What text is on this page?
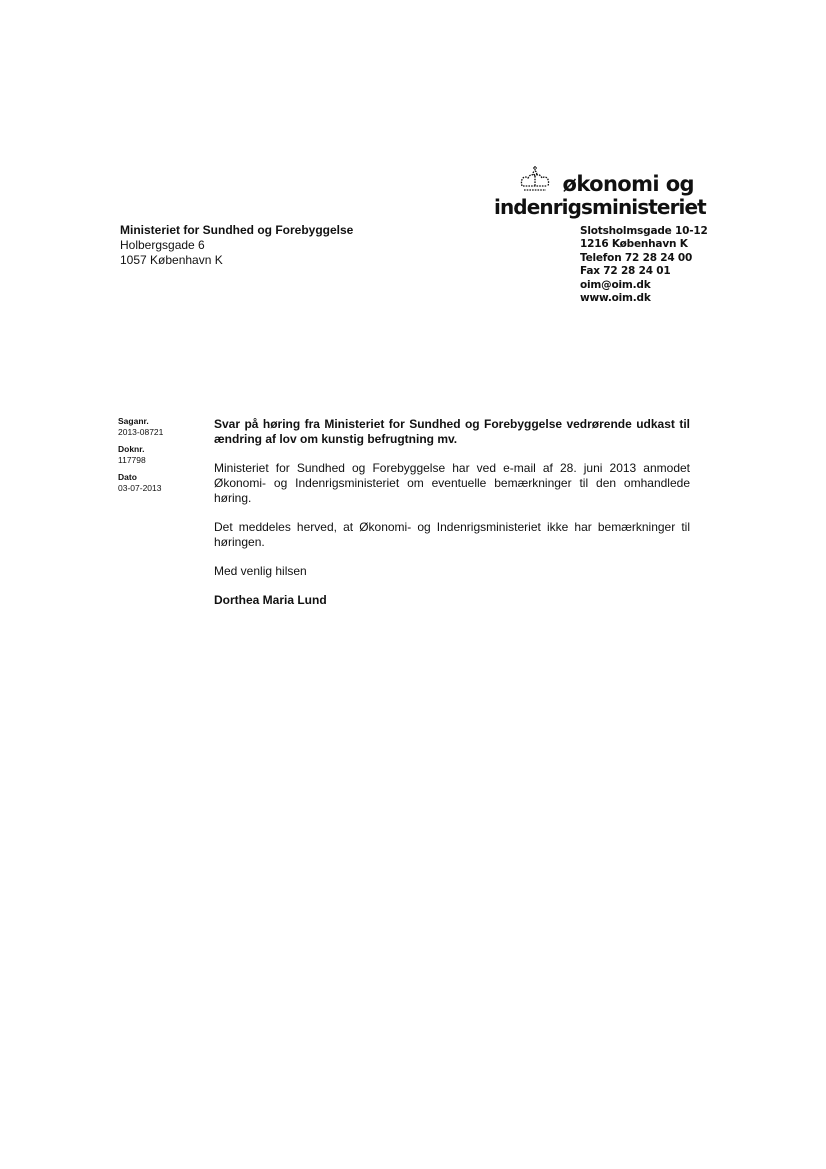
økonomi og
indenrigsministeriet
Slotsholmsgade 10-12
1216 København K
Telefon 72 28 24 00
Fax 72 28 24 01
oim@oim.dk
www.oim.dk
Ministeriet for Sundhed og Forebyggelse
Holbergsgade 6
1057 København K
Saganr.
2013-08721
Doknr.
117798
Dato
03-07-2013

Svar på høring fra Ministeriet for Sundhed og Forebyggelse vedrørende udkast til ændring af lov om kunstig befrugtning mv.

Ministeriet for Sundhed og Forebyggelse har ved e-mail af 28. juni 2013 anmodet Økonomi- og Indenrigsministeriet om eventuelle bemærkninger til den omhandlede høring.

Det meddeles herved, at Økonomi- og Indenrigsministeriet ikke har bemærkninger til høringen.

Med venlig hilsen

Dorthea Maria Lund
